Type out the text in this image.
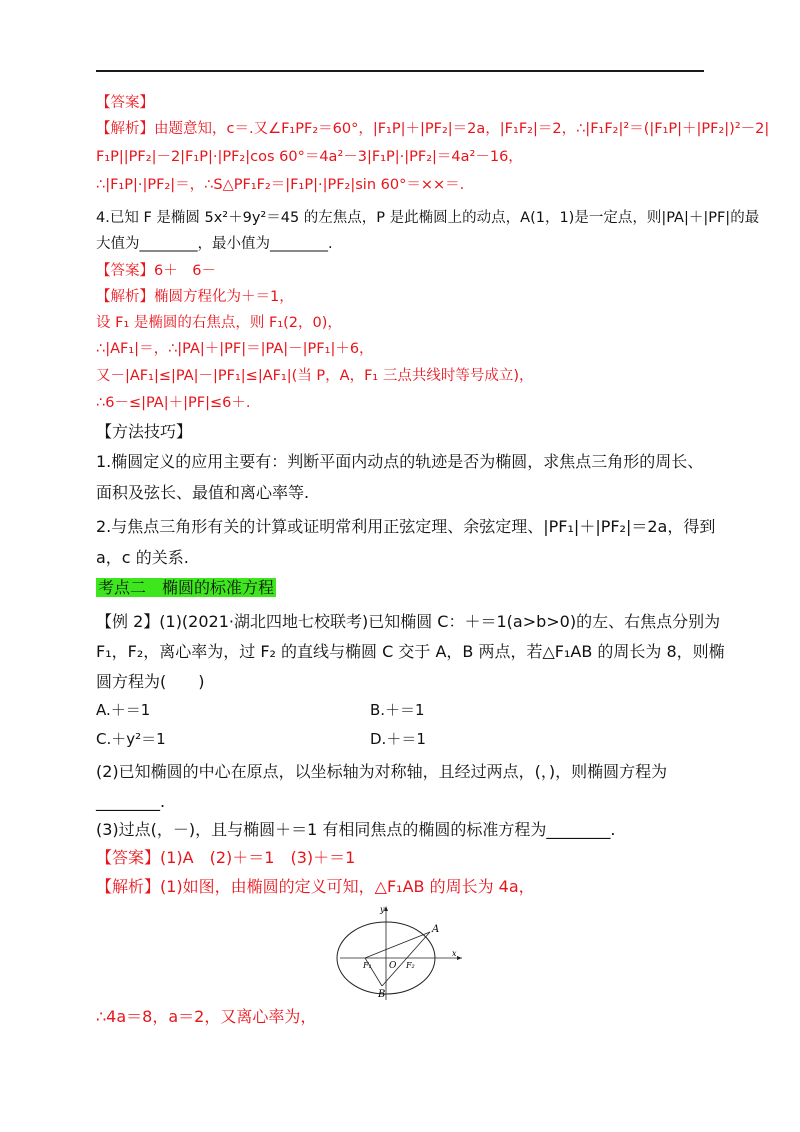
【答案】
【解析】由题意知，c＝.又∠F₁PF₂＝60°，|F₁P|＋|PF₂|＝2a，|F₁F₂|＝2，∴|F₁F₂|²＝(|F₁P|＋|PF₂|)²－2|
F₁P||PF₂|－2|F₁P|·|PF₂|cos 60°＝4a²－3|F₁P|·|PF₂|＝4a²－16，
∴|F₁P|·|PF₂|＝，∴S△PF₁F₂＝|F₁P|·|PF₂|sin 60°＝××＝.
4.已知 F 是椭圆 5x²＋9y²＝45 的左焦点，P 是此椭圆上的动点，A(1，1)是一定点，则|PA|＋|PF|的最
大值为________，最小值为________.
【答案】6＋　6－
【解析】椭圆方程化为＋＝1，
设 F₁ 是椭圆的右焦点，则 F₁(2，0)，
∴|AF₁|＝，∴|PA|＋|PF|＝|PA|－|PF₁|＋6，
又－|AF₁|≤|PA|－|PF₁|≤|AF₁|(当 P，A，F₁ 三点共线时等号成立)，
∴6－≤|PA|＋|PF|≤6＋.
【方法技巧】
1.椭圆定义的应用主要有：判断平面内动点的轨迹是否为椭圆，求焦点三角形的周长、
面积及弦长、最值和离心率等.
2.与焦点三角形有关的计算或证明常利用正弦定理、余弦定理、|PF₁|＋|PF₂|＝2a，得到
a，c 的关系.
考点二　椭圆的标准方程
【例 2】(1)(2021·湖北四地七校联考)已知椭圆 C：＋＝1(a>b>0)的左、右焦点分别为
F₁，F₂，离心率为，过 F₂ 的直线与椭圆 C 交于 A，B 两点，若△F₁AB 的周长为 8，则椭
圆方程为(　　)
A.＋＝1	B.＋＝1
C.＋y²＝1	D.＋＝1
(2)已知椭圆的中心在原点，以坐标轴为对称轴，且经过两点，(，)，则椭圆方程为
________.
(3)过点(，－)，且与椭圆＋＝1 有相同焦点的椭圆的标准方程为________.
【答案】(1)A　(2)＋＝1　(3)＋＝1
【解析】(1)如图，由椭圆的定义可知，△F₁AB 的周长为 4a，
y
x
A
B
O
F₁	F₂
∴4a＝8，a＝2，又离心率为，
